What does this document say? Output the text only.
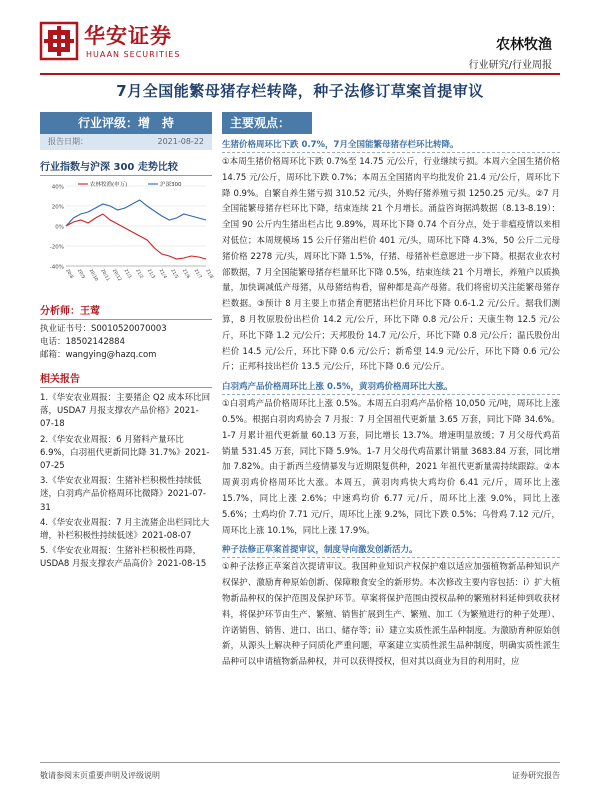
华安证券
HUAAN SECURITIES
农林牧渔
行业研究/行业周报
7月全国能繁母猪存栏转降，种子法修订草案首提审议
行业评级：增　持
报告日期：	2021-08-22
行业指数与沪深 300 走势比较
40%
20%
0%
-20%
-40%
20/8 20/9 20/10 20/11 20/12 21/1 21/2 21/3 21/4 21/5 21/6 21/7 21/8
农林牧渔(申万)	沪深300
分析师：王莺
执业证书号：S0010520070003
电话：18502142884
邮箱：wangying@hazq.com
相关报告
1.《华安农业周报：主要猪企 Q2 成本环比回落，USDA7 月报支撑农产品价格》2021-07-18
2.《华安农业周报：6 月猪料产量环比 6.9%，白羽祖代更新同比降 31.7%》2021-07-25
3.《华安农业周报：生猪补栏积极性持续低迷，白羽鸡产品价格周环比微降》2021-07-31
4.《华安农业周报：7 月主流猪企出栏同比大增，补栏积极性持续低迷》2021-08-07
5.《华安农业周报：生猪补栏积极性再降，USDA8 月报支撑农产品高价》2021-08-15
主要观点：
生猪价格周环比下跌 0.7%，7月全国能繁母猪存栏环比转降。
①本周生猪价格周环比下跌 0.7%至 14.75 元/公斤，行业继续亏损。本周六全国生猪价格 14.75 元/公斤，周环比下跌 0.7%；本周五全国猪肉平均批发价 21.4 元/公斤，周环比下降 0.9%。自繁自养生猪亏损 310.52 元/头，外购仔猪养殖亏损 1250.25 元/头。②7 月全国能繁母猪存栏环比下降，结束连续 21 个月增长。涌益咨询据鸿数据（8.13-8.19）：全国 90 公斤内生猪出栏占比 9.89%，周环比下降 0.74 个百分点，处于非瘟疫情以来相对低位；本周规模场 15 公斤仔猪出栏价 401 元/头，周环比下降 4.3%，50 公斤二元母猪价格 2278 元/头，周环比下降 1.5%，仔猪、母猪补栏意愿进一步下降。根据农业农村部数据，7 月全国能繁母猪存栏量环比下降 0.5%，结束连续 21 个月增长，养殖户以质换量，加快调减低产母猪，从母猪结构看，留种都是高产母猪。我们将密切关注能繁母猪存栏数据。③预计 8 月主要上市猪企育肥猪出栏价月环比下降 0.6-1.2 元/公斤。据我们测算，8 月牧原股份出栏价 14.2 元/公斤，环比下降 0.8 元/公斤；天康生物 12.5 元/公斤，环比下降 1.2 元/公斤；天邦股份 14.7 元/公斤，环比下降 0.8 元/公斤；温氏股份出栏价 14.5 元/公斤，环比下降 0.6 元/公斤；新希望 14.9 元/公斤，环比下降 0.6 元/公斤；正邦科技出栏价 13.5 元/公斤，环比下降 0.6 元/公斤。
白羽鸡产品价格周环比上涨 0.5%，黄羽鸡价格周环比大涨。
①白羽鸡产品价格周环比上涨 0.5%。本周五白羽鸡产品价格 10,050 元/吨，周环比上涨 0.5%。根据白羽肉鸡协会 7 月报：7 月全国祖代更新量 3.65 万套，同比下降 34.6%。1-7 月累计祖代更新量 60.13 万套，同比增长 13.7%。增速明显放缓；7 月父母代鸡苗销量 531.45 万套，同比下降 5.9%。1-7 月父母代鸡苗累计销量 3683.84 万套，同比增加 7.82%。由于新西兰疫情暴发与近期限复供种，2021 年祖代更新量需持续跟踪。②本周黄羽鸡价格周环比大涨。本周五，黄羽肉鸡快大鸡均价 6.41 元/斤，周环比上涨 15.7%，同比上涨 2.6%；中速鸡均价 6.77 元/斤，周环比上涨 9.0%，同比上涨 5.6%；土鸡均价 7.71 元/斤，周环比上涨 9.2%，同比下跌 0.5%；乌骨鸡 7.12 元/斤，周环比上涨 10.1%，同比上涨 17.9%。
种子法修正草案首提审议，制度导向激发创新活力。
①种子法修正草案首次提请审议。我国种业知识产权保护难以适应加强植物新品种知识产权保护、激励育种原始创新、保障粮食安全的新形势。本次修改主要内容包括：i）扩大植物新品种权的保护范围及保护环节。草案将保护范围由授权品种的繁殖材料延伸到收获材料，将保护环节由生产、繁殖、销售扩展到生产、繁殖、加工（为繁殖进行的种子处理）、许诺销售、销售、进口、出口、储存等；ii）建立实质性派生品种制度。为激励育种原始创新，从源头上解决种子同质化严重问题，草案建立实质性派生品种制度，明确实质性派生品种可以申请植物新品种权，并可以获得授权，但对其以商业为目的利用时，应
敬请参阅末页重要声明及评级说明	证券研究报告
